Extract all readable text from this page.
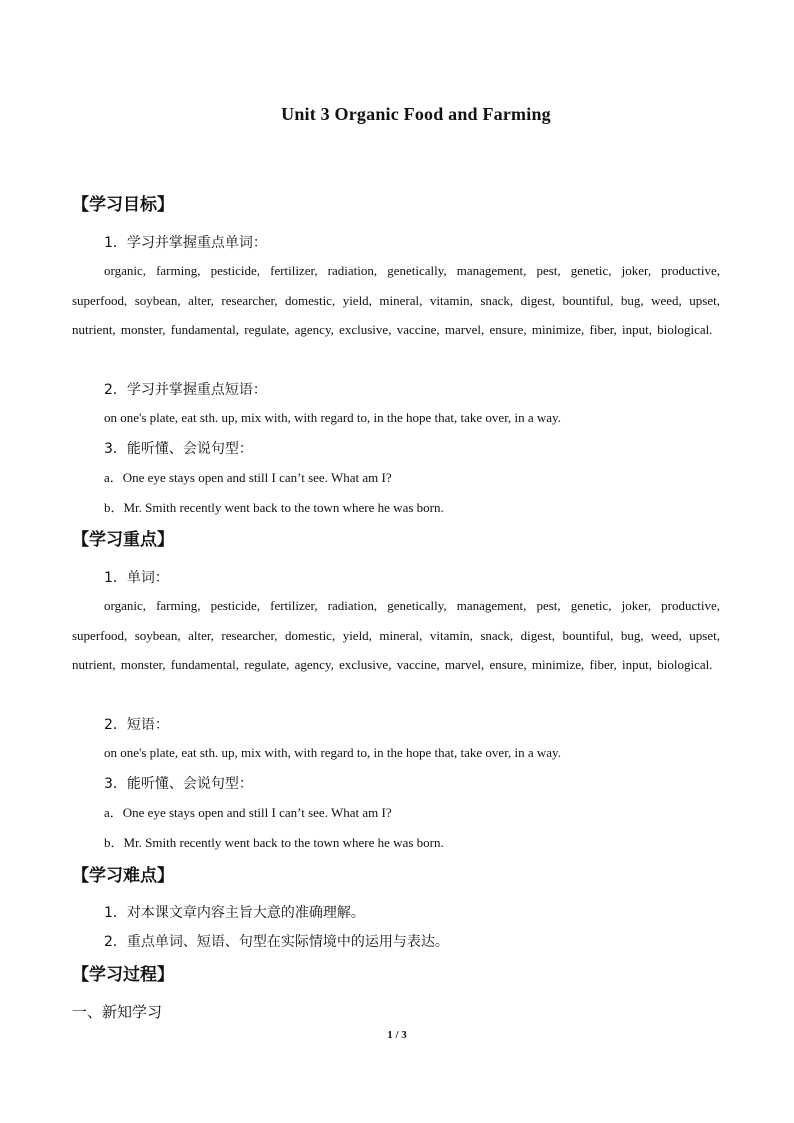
Unit 3 Organic Food and Farming
【学习目标】

1．学习并掌握重点单词：

organic, farming, pesticide, fertilizer, radiation, genetically, management, pest, genetic, joker, productive, superfood, soybean, alter, researcher, domestic, yield, mineral, vitamin, snack, digest, bountiful, bug, weed, upset, nutrient, monster, fundamental, regulate, agency, exclusive, vaccine, marvel, ensure, minimize, fiber, input, biological.

2．学习并掌握重点短语：

on one's plate, eat sth. up, mix with, with regard to, in the hope that, take over, in a way.

3．能听懂、会说句型：

a．One eye stays open and still I can’t see. What am I?

b．Mr. Smith recently went back to the town where he was born.

【学习重点】

1．单词：

organic, farming, pesticide, fertilizer, radiation, genetically, management, pest, genetic, joker, productive, superfood, soybean, alter, researcher, domestic, yield, mineral, vitamin, snack, digest, bountiful, bug, weed, upset, nutrient, monster, fundamental, regulate, agency, exclusive, vaccine, marvel, ensure, minimize, fiber, input, biological.

2．短语：

on one's plate, eat sth. up, mix with, with regard to, in the hope that, take over, in a way.

3．能听懂、会说句型：

a．One eye stays open and still I can’t see. What am I?

b．Mr. Smith recently went back to the town where he was born.

【学习难点】

1．对本课文章内容主旨大意的准确理解。

2．重点单词、短语、句型在实际情境中的运用与表达。

【学习过程】

一、新知学习

1 / 3
